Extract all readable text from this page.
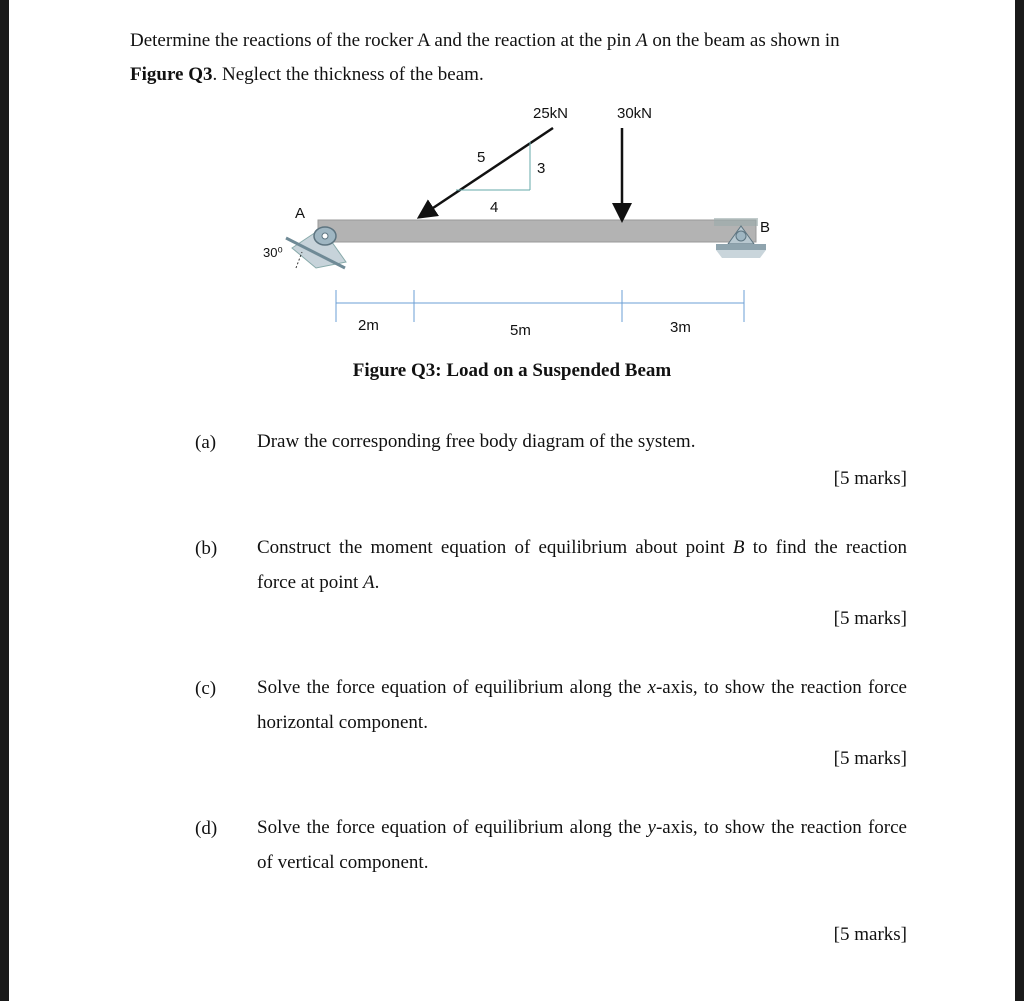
Determine the reactions of the rocker A and the reaction at the pin A on the beam as shown in
Figure Q3. Neglect the thickness of the beam.
25kN	30kN
5
3
4
A
B
30⁰
2m	5m	3m
Figure Q3: Load on a Suspended Beam
(a) Draw the corresponding free body diagram of the system.
[5 marks]
(b) Construct the moment equation of equilibrium about point B to find the reaction force at point A.
[5 marks]
(c) Solve the force equation of equilibrium along the x-axis, to show the reaction force horizontal component.
[5 marks]
(d) Solve the force equation of equilibrium along the y-axis, to show the reaction force of vertical component.
[5 marks]
